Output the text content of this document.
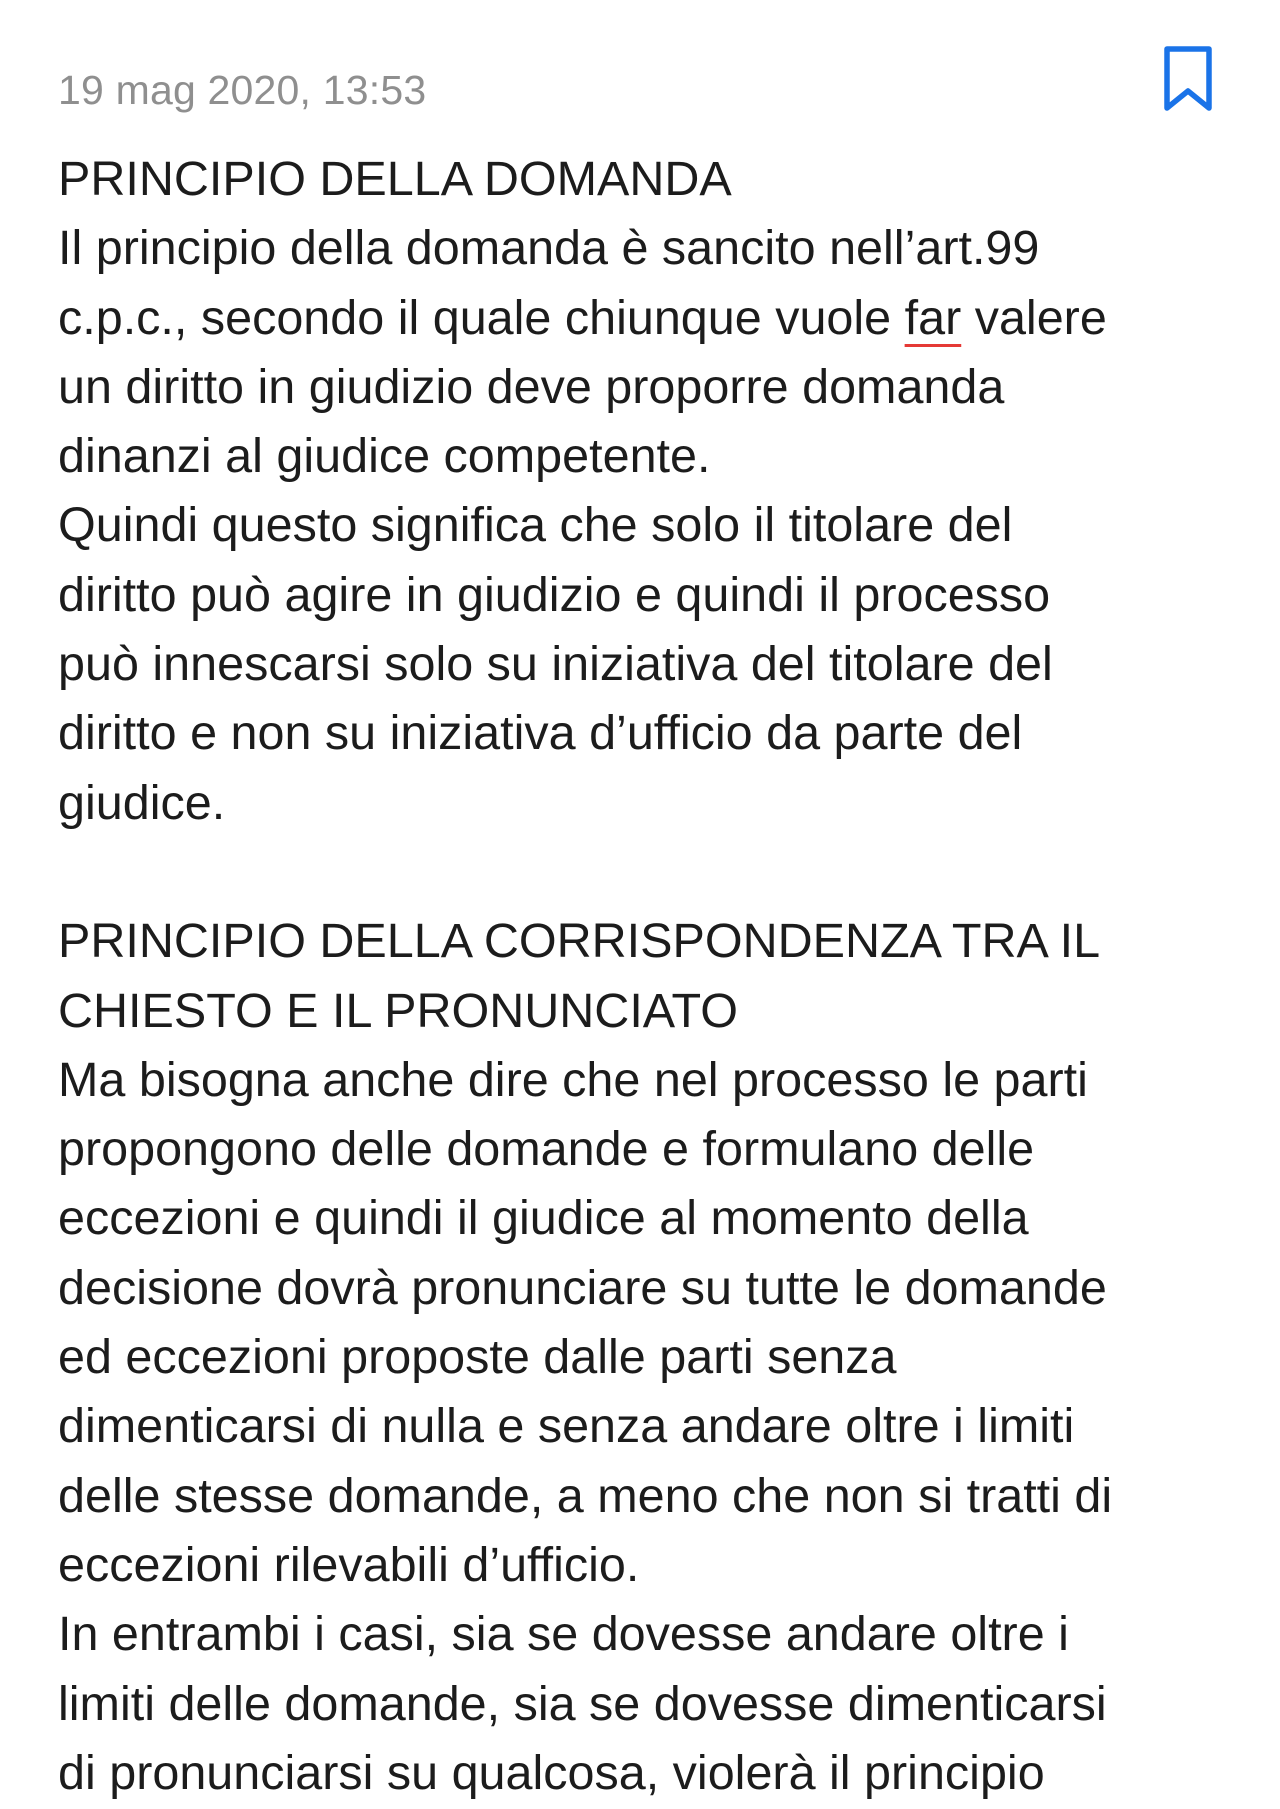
19 mag 2020, 13:53
PRINCIPIO DELLA DOMANDA
Il principio della domanda è sancito nell’art.99
c.p.c., secondo il quale chiunque vuole far valere
un diritto in giudizio deve proporre domanda
dinanzi al giudice competente.
Quindi questo significa che solo il titolare del
diritto può agire in giudizio e quindi il processo
può innescarsi solo su iniziativa del titolare del
diritto e non su iniziativa d’ufficio da parte del
giudice.
PRINCIPIO DELLA CORRISPONDENZA TRA IL
CHIESTO E IL PRONUNCIATO
Ma bisogna anche dire che nel processo le parti
propongono delle domande e formulano delle
eccezioni e quindi il giudice al momento della
decisione dovrà pronunciare su tutte le domande
ed eccezioni proposte dalle parti senza
dimenticarsi di nulla e senza andare oltre i limiti
delle stesse domande, a meno che non si tratti di
eccezioni rilevabili d’ufficio.
In entrambi i casi, sia se dovesse andare oltre i
limiti delle domande, sia se dovesse dimenticarsi
di pronunciarsi su qualcosa, violerà il principio
